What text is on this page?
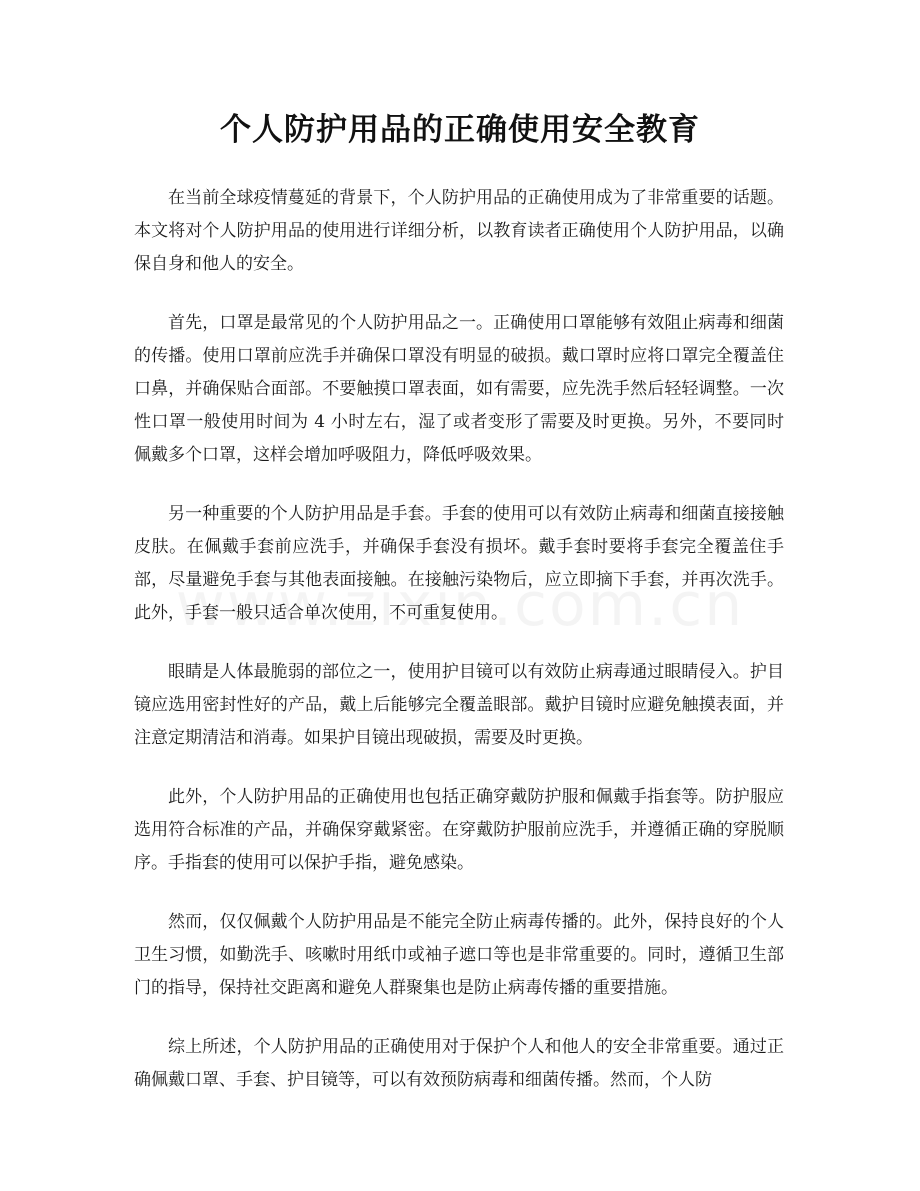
个人防护用品的正确使用安全教育

在当前全球疫情蔓延的背景下，个人防护用品的正确使用成为了非常重要的话题。本文将对个人防护用品的使用进行详细分析，以教育读者正确使用个人防护用品，以确保自身和他人的安全。

首先，口罩是最常见的个人防护用品之一。正确使用口罩能够有效阻止病毒和细菌的传播。使用口罩前应洗手并确保口罩没有明显的破损。戴口罩时应将口罩完全覆盖住口鼻，并确保贴合面部。不要触摸口罩表面，如有需要，应先洗手然后轻轻调整。一次性口罩一般使用时间为 4 小时左右，湿了或者变形了需要及时更换。另外，不要同时佩戴多个口罩，这样会增加呼吸阻力，降低呼吸效果。

另一种重要的个人防护用品是手套。手套的使用可以有效防止病毒和细菌直接接触皮肤。在佩戴手套前应洗手，并确保手套没有损坏。戴手套时要将手套完全覆盖住手部，尽量避免手套与其他表面接触。在接触污染物后，应立即摘下手套，并再次洗手。此外，手套一般只适合单次使用，不可重复使用。

眼睛是人体最脆弱的部位之一，使用护目镜可以有效防止病毒通过眼睛侵入。护目镜应选用密封性好的产品，戴上后能够完全覆盖眼部。戴护目镜时应避免触摸表面，并注意定期清洁和消毒。如果护目镜出现破损，需要及时更换。

此外，个人防护用品的正确使用也包括正确穿戴防护服和佩戴手指套等。防护服应选用符合标准的产品，并确保穿戴紧密。在穿戴防护服前应洗手，并遵循正确的穿脱顺序。手指套的使用可以保护手指，避免感染。

然而，仅仅佩戴个人防护用品是不能完全防止病毒传播的。此外，保持良好的个人卫生习惯，如勤洗手、咳嗽时用纸巾或袖子遮口等也是非常重要的。同时，遵循卫生部门的指导，保持社交距离和避免人群聚集也是防止病毒传播的重要措施。

综上所述，个人防护用品的正确使用对于保护个人和他人的安全非常重要。通过正确佩戴口罩、手套、护目镜等，可以有效预防病毒和细菌传播。然而，个人防
